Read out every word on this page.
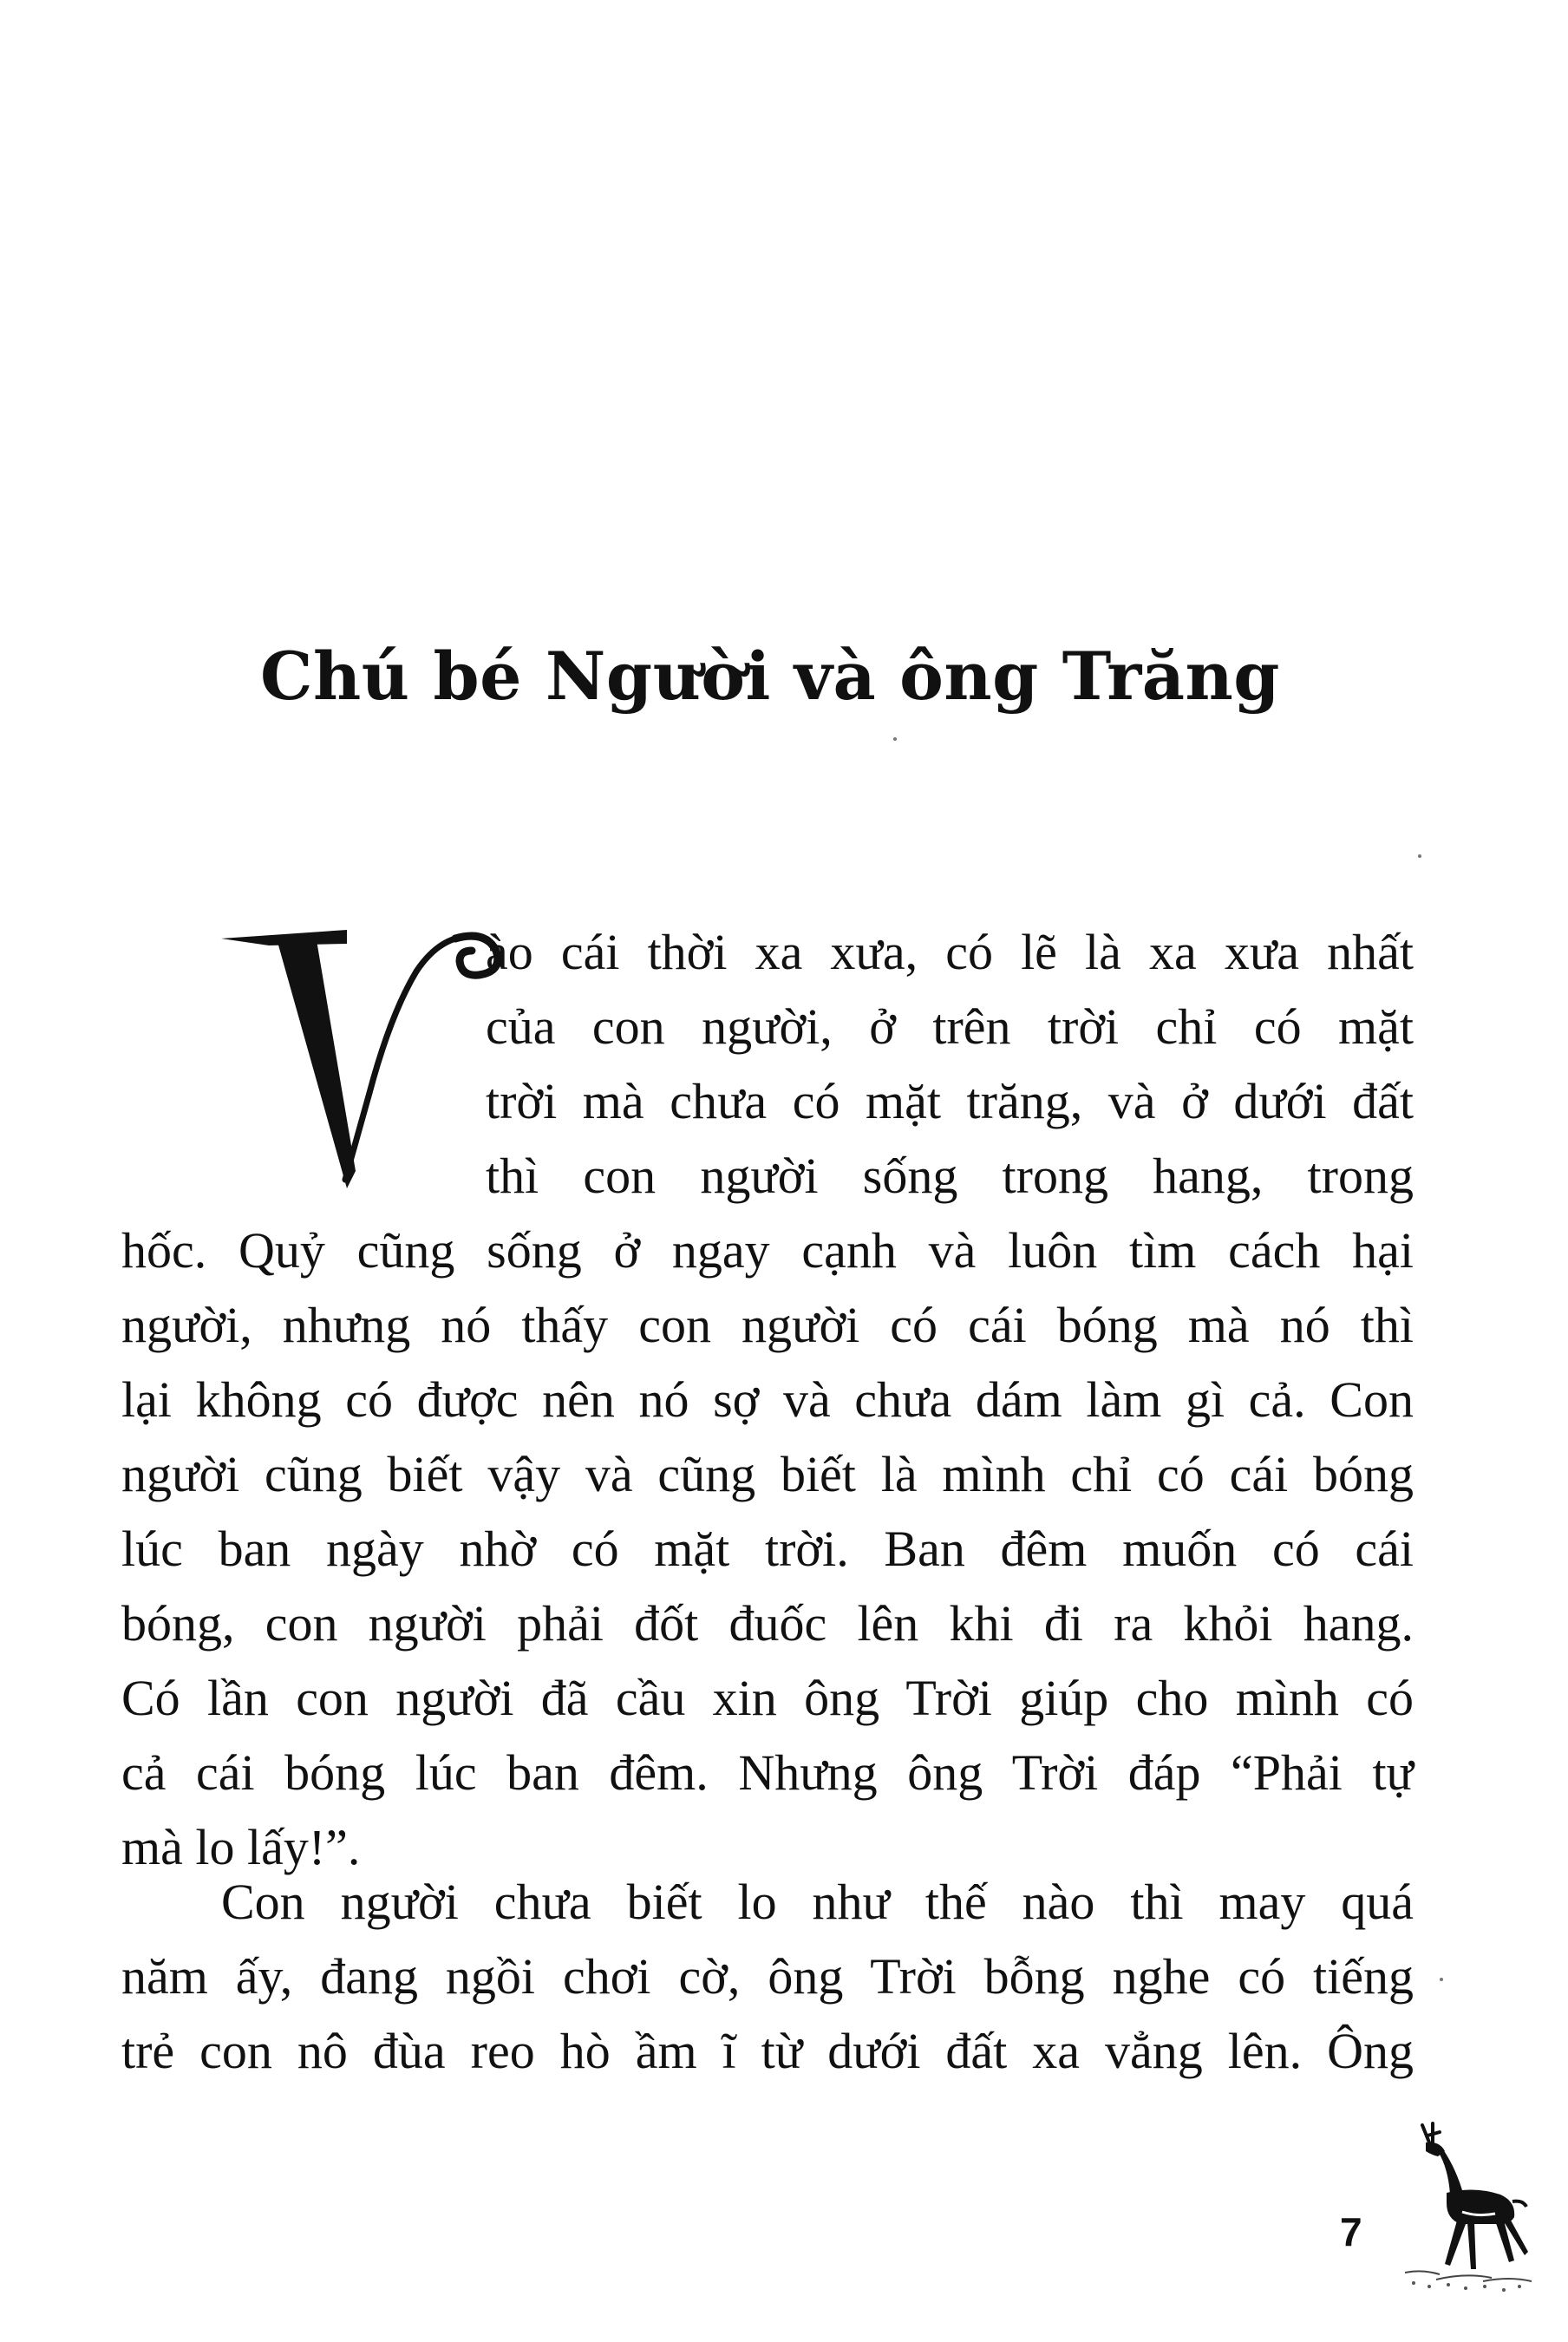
Chú bé Người và ông Trăng
ào cái thời xa xưa, có lẽ là xa xưa nhất
của con người, ở trên trời chỉ có mặt
trời mà chưa có mặt trăng, và ở dưới đất
thì con người sống trong hang, trong
hốc. Quỷ cũng sống ở ngay cạnh và luôn tìm cách hại
người, nhưng nó thấy con người có cái bóng mà nó thì
lại không có được nên nó sợ và chưa dám làm gì cả. Con
người cũng biết vậy và cũng biết là mình chỉ có cái bóng
lúc ban ngày nhờ có mặt trời. Ban đêm muốn có cái
bóng, con người phải đốt đuốc lên khi đi ra khỏi hang.
Có lần con người đã cầu xin ông Trời giúp cho mình có
cả cái bóng lúc ban đêm. Nhưng ông Trời đáp “Phải tự
mà lo lấy!”.
Con người chưa biết lo như thế nào thì may quá
năm ấy, đang ngồi chơi cờ, ông Trời bỗng nghe có tiếng
trẻ con nô đùa reo hò ầm ĩ từ dưới đất xa vẳng lên. Ông
7
